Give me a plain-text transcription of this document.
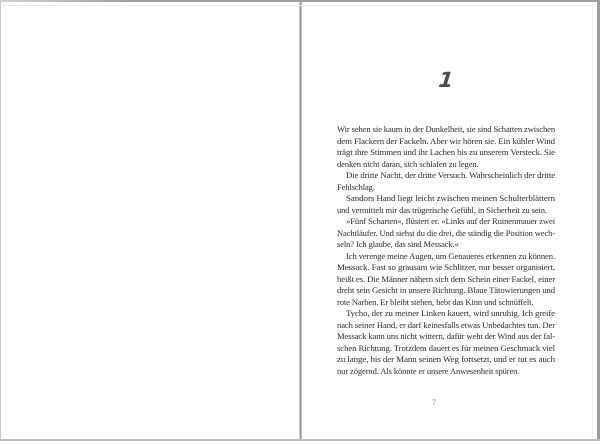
1
Wir sehen sie kaum in der Dunkelheit, sie sind Schatten zwischen
dem Flackern der Fackeln. Aber wir hören sie. Ein kühler Wind
trägt ihre Stimmen und ihr Lachen bis zu unserem Versteck. Sie
denken nicht daran, sich schlafen zu legen.
Die dritte Nacht, der dritte Versuch. Wahrscheinlich der dritte
Fehlschlag.
Sandors Hand liegt leicht zwischen meinen Schulterblättern
und vermittelt mir das trügerische Gefühl, in Sicherheit zu sein.
»Fünf Scharten«, flüstert er. »Links auf der Ruinenmauer zwei
Nachtläufer. Und siehst du die drei, die ständig die Position wech-
seln? Ich glaube, das sind Messack.«
Ich verenge meine Augen, um Genaueres erkennen zu können.
Messack. Fast so grausam wie Schlitzer, nur besser organisiert,
heißt es. Die Männer nähern sich dem Schein einer Fackel, einer
dreht sein Gesicht in unsere Richtung. Blaue Tätowierungen und
rote Narben. Er bleibt stehen, hebt das Kinn und schnüffelt.
Tycho, der zu meiner Linken kauert, wird unruhig. Ich greife
nach seiner Hand, er darf keinesfalls etwas Unbedachtes tun. Der
Messack kann uns nicht wittern, dafür weht der Wind aus der fal-
schen Richtung. Trotzdem dauert es für meinen Geschmack viel
zu lange, bis der Mann seinen Weg fortsetzt, und er tut es auch
nur zögernd. Als könnte er unsere Anwesenheit spüren.
7
